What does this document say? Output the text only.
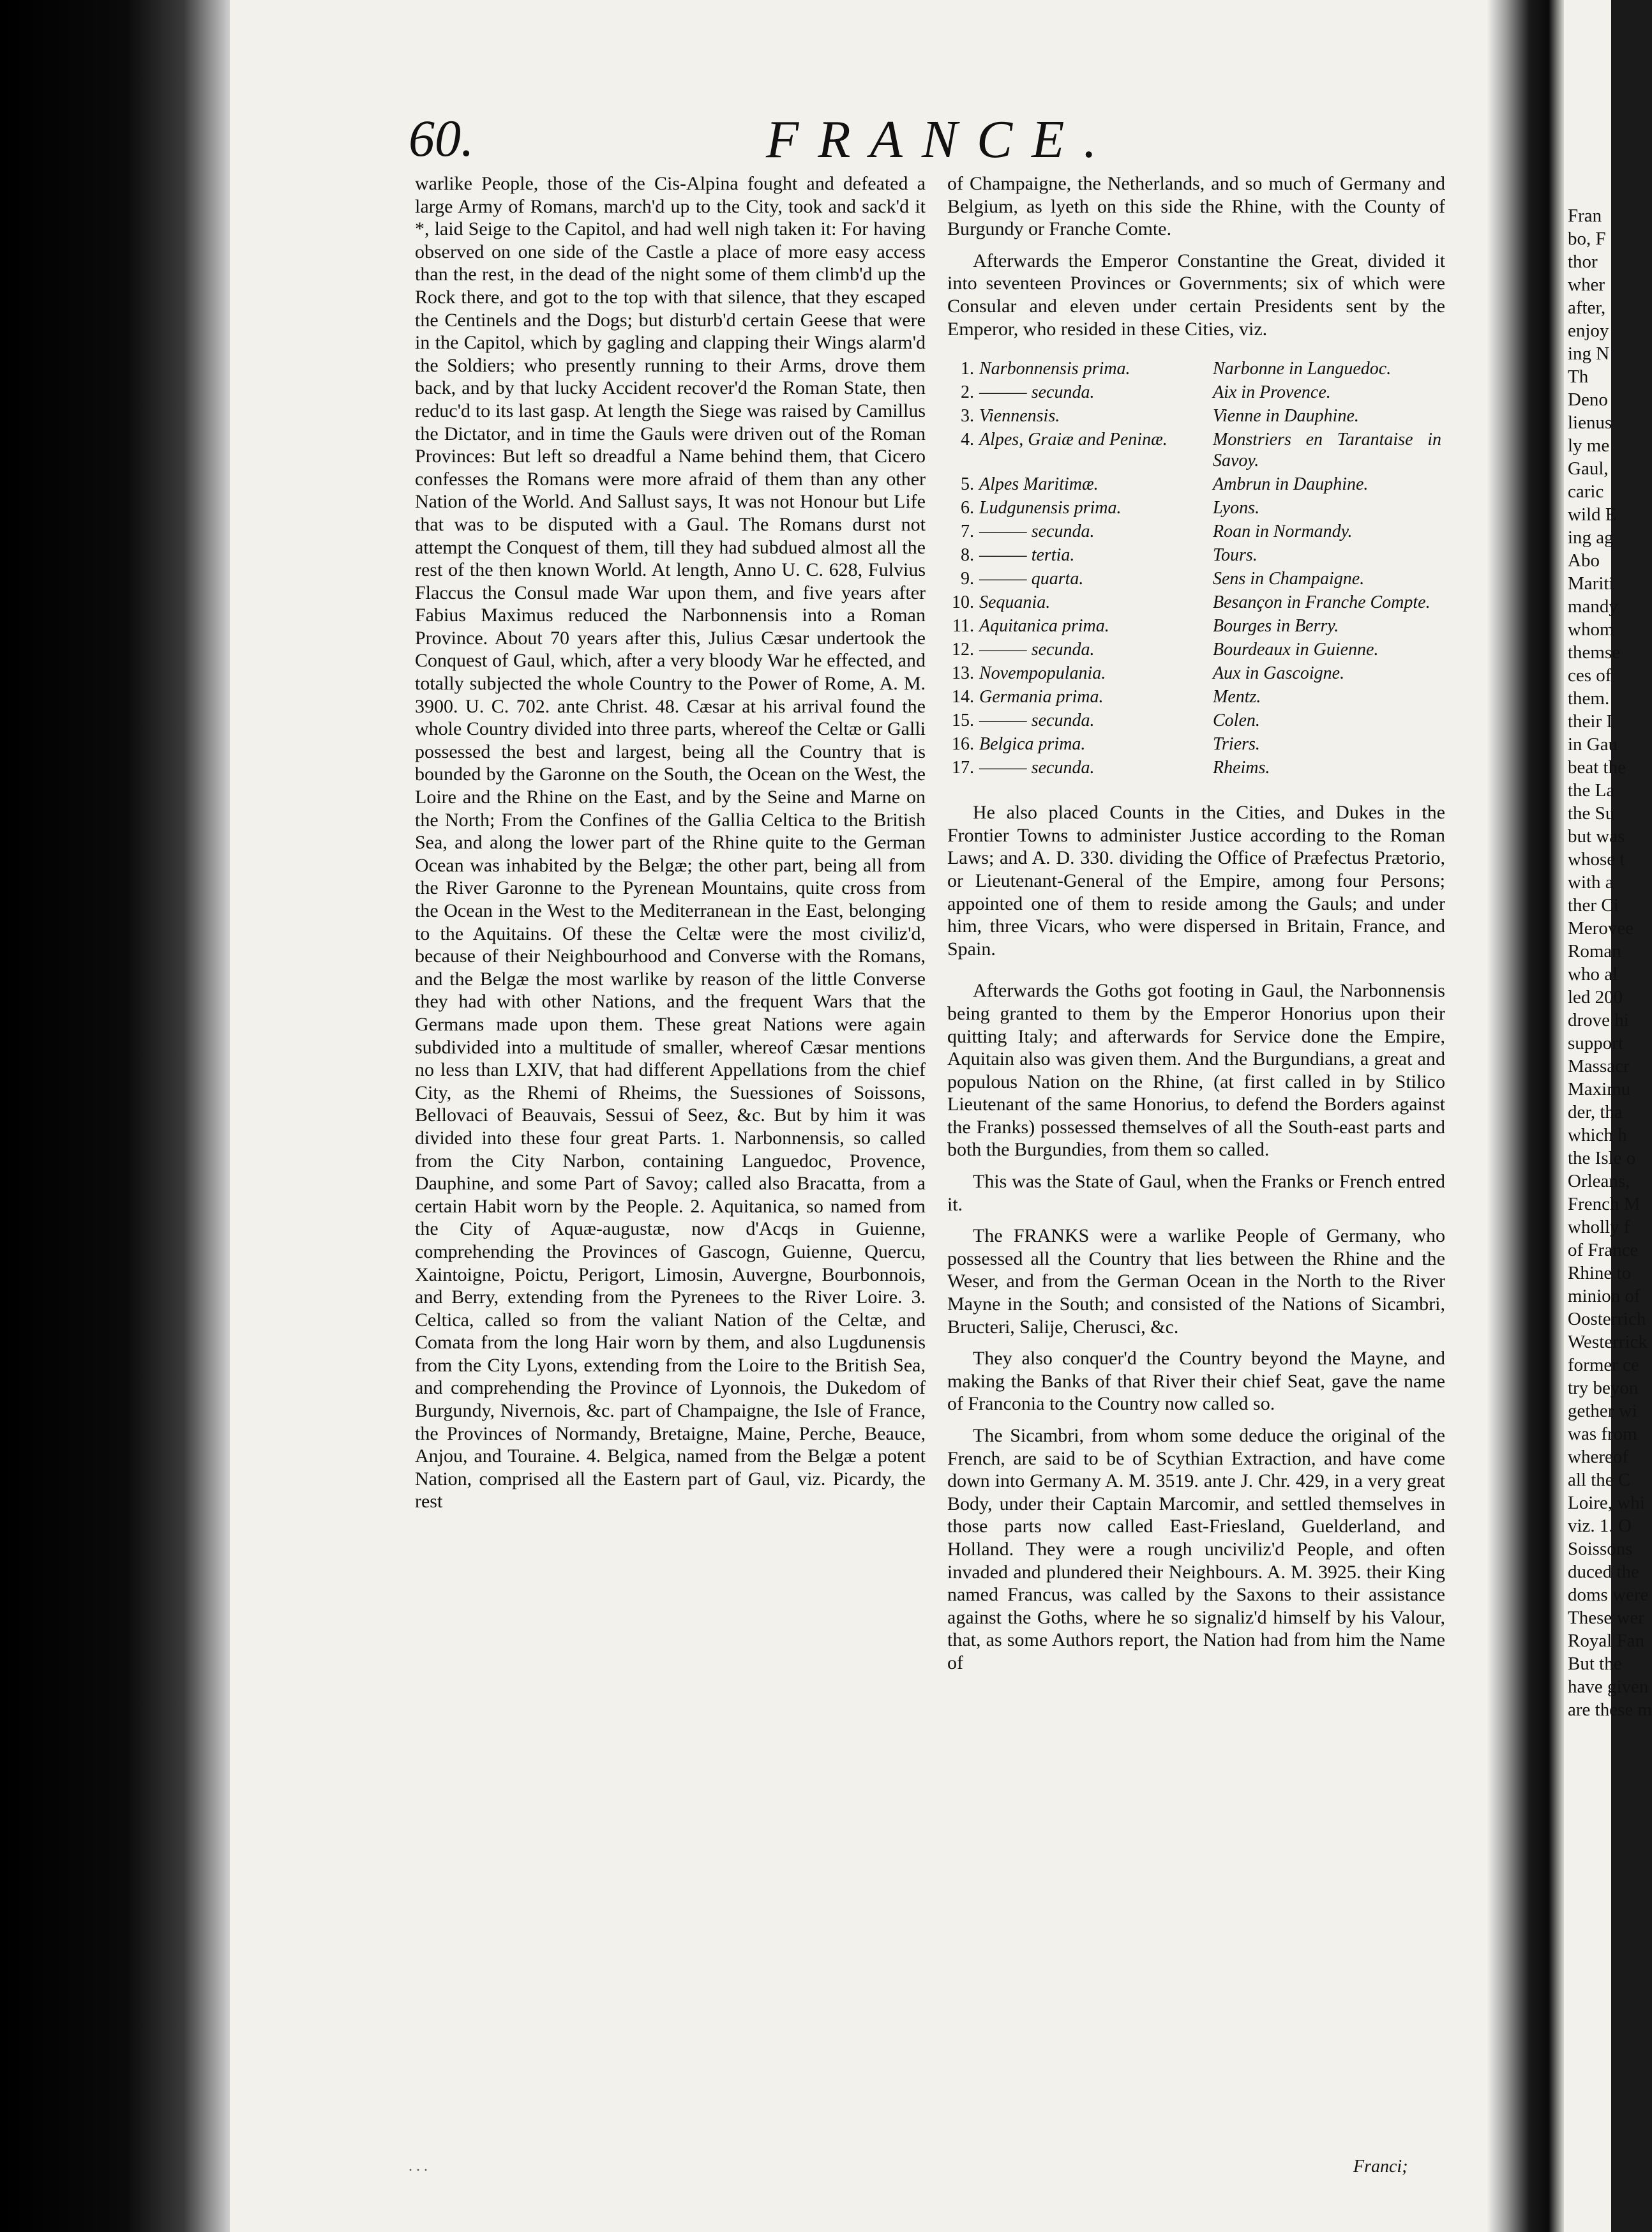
60.	FRANCE.

warlike People, those of the Cis-Alpina fought and defeated a large Army of Romans, march'd up to the City, took and sack'd it *, laid Seige to the Capitol, and had well nigh taken it: For having observed on one side of the Castle a place of more easy access than the rest, in the dead of the night some of them climb'd up the Rock there, and got to the top with that silence, that they escaped the Centinels and the Dogs; but disturb'd certain Geese that were in the Capitol, which by gagling and clapping their Wings alarm'd the Soldiers; who presently running to their Arms, drove them back, and by that lucky Accident recover'd the Roman State, then reduc'd to its last gasp. At length the Siege was raised by Camillus the Dictator, and in time the Gauls were driven out of the Roman Provinces: But left so dreadful a Name behind them, that Cicero confesses the Romans were more afraid of them than any other Nation of the World. And Sallust says, It was not Honour but Life that was to be disputed with a Gaul. The Romans durst not attempt the Conquest of them, till they had subdued almost all the rest of the then known World. At length, Anno U. C. 628, Fulvius Flaccus the Consul made War upon them, and five years after Fabius Maximus reduced the Narbonnensis into a Roman Province. About 70 years after this, Julius Cæsar undertook the Conquest of Gaul, which, after a very bloody War he effected, and totally subjected the whole Country to the Power of Rome, A. M. 3900. U. C. 702. ante Christ. 48. Cæsar at his arrival found the whole Country divided into three parts, whereof the Celtæ or Galli possessed the best and largest, being all the Country that is bounded by the Garonne on the South, the Ocean on the West, the Loire and the Rhine on the East, and by the Seine and Marne on the North; From the Confines of the Gallia Celtica to the British Sea, and along the lower part of the Rhine quite to the German Ocean was inhabited by the Belgæ; the other part, being all from the River Garonne to the Pyrenean Mountains, quite cross from the Ocean in the West to the Mediterranean in the East, belonging to the Aquitains. Of these the Celtæ were the most civiliz'd, because of their Neighbourhood and Converse with the Romans, and the Belgæ the most warlike by reason of the little Converse they had with other Nations, and the frequent Wars that the Germans made upon them. These great Nations were again subdivided into a multitude of smaller, whereof Cæsar mentions no less than LXIV, that had different Appellations from the chief City, as the Rhemi of Rheims, the Suessiones of Soissons, Bellovaci of Beauvais, Sessui of Seez, &c. But by him it was divided into these four great Parts. 1. Narbonnensis, so called from the City Narbon, containing Languedoc, Provence, Dauphine, and some Part of Savoy; called also Bracatta, from a certain Habit worn by the People. 2. Aquitanica, so named from the City of Aquæ-augustæ, now d'Acqs in Guienne, comprehending the Provinces of Gascogn, Guienne, Quercu, Xaintoigne, Poictu, Perigort, Limosin, Auvergne, Bourbonnois, and Berry, extending from the Pyrenees to the River Loire. 3. Celtica, called so from the valiant Nation of the Celtæ, and Comata from the long Hair worn by them, and also Lugdunensis from the City Lyons, extending from the Loire to the British Sea, and comprehending the Province of Lyonnois, the Dukedom of Burgundy, Nivernois, &c. part of Champaigne, the Isle of France, the Provinces of Normandy, Bretaigne, Maine, Perche, Beauce, Anjou, and Touraine. 4. Belgica, named from the Belgæ a potent Nation, comprised all the Eastern part of Gaul, viz. Picardy, the rest

of Champaigne, the Netherlands, and so much of Germany and Belgium, as lyeth on this side the Rhine, with the County of Burgundy or Franche Comte.

Afterwards the Emperor Constantine the Great, divided it into seventeen Provinces or Governments; six of which were Consular and eleven under certain Presidents sent by the Emperor, who resided in these Cities, viz.

1.	Narbonnensis prima.	Narbonne in Languedoc.
2.	——— secunda.	Aix in Provence.
3.	Viennensis.	Vienne in Dauphine.
4.	Alpes, Graiæ and Peninæ.	Monstriers en Tarantaise in Savoy.
5.	Alpes Maritimæ.	Ambrun in Dauphine.
6.	Ludgunensis prima.	Lyons.
7.	——— secunda.	Roan in Normandy.
8.	——— tertia.	Tours.
9.	——— quarta.	Sens in Champaigne.
10.	Sequania.	Besançon in Franche Compte.
11.	Aquitanica prima.	Bourges in Berry.
12.	——— secunda.	Bourdeaux in Guienne.
13.	Novempopulania.	Aux in Gascoigne.
14.	Germania prima.	Mentz.
15.	——— secunda.	Colen.
16.	Belgica prima.	Triers.
17.	——— secunda.	Rheims.

He also placed Counts in the Cities, and Dukes in the Frontier Towns to administer Justice according to the Roman Laws; and A. D. 330. dividing the Office of Præfectus Prætorio, or Lieutenant-General of the Empire, among four Persons; appointed one of them to reside among the Gauls; and under him, three Vicars, who were dispersed in Britain, France, and Spain.

Afterwards the Goths got footing in Gaul, the Narbonnensis being granted to them by the Emperor Honorius upon their quitting Italy; and afterwards for Service done the Empire, Aquitain also was given them. And the Burgundians, a great and populous Nation on the Rhine, (at first called in by Stilico Lieutenant of the same Honorius, to defend the Borders against the Franks) possessed themselves of all the South-east parts and both the Burgundies, from them so called.

This was the State of Gaul, when the Franks or French entred it.

The FRANKS were a warlike People of Germany, who possessed all the Country that lies between the Rhine and the Weser, and from the German Ocean in the North to the River Mayne in the South; and consisted of the Nations of Sicambri, Bructeri, Salije, Cherusci, &c.

They also conquer'd the Country beyond the Mayne, and making the Banks of that River their chief Seat, gave the name of Franconia to the Country now called so.

The Sicambri, from whom some deduce the original of the French, are said to be of Scythian Extraction, and have come down into Germany A. M. 3519. ante J. Chr. 429, in a very great Body, under their Captain Marcomir, and settled themselves in those parts now called East-Friesland, Guelderland, and Holland. They were a rough unciviliz'd People, and often invaded and plundered their Neighbours. A. M. 3925. their King named Francus, was called by the Saxons to their assistance against the Goths, where he so signaliz'd himself by his Valour, that, as some Authors report, the Nation had from him the Name of

Franci;
. . .
Fran
bo, F
thor
wher
after,
enjoy
ing N
Th
Deno
lienus
ly me
Gaul,
caric
wild E
ing ag
Abo
Mariti
mandy
whom
themse
ces of
them.
their I
in Gau
beat the
the La
the Su
but was
whose t
with a
ther Ci
Merovee
Roman
who al
led 200
drove hi
support
Massacr
Maximu
der, tha
which h
the Isle o
Orleans,
French M
wholly f
of France
Rhine to
minion of
Oosterrich
Westerrick
former ce
try beyon
gether wi
was from
whereof
all the C
Loire, whi
viz. 1. O
Soissons
duced the
doms were
These wer
Royal Fan
But the
have given
are these m
